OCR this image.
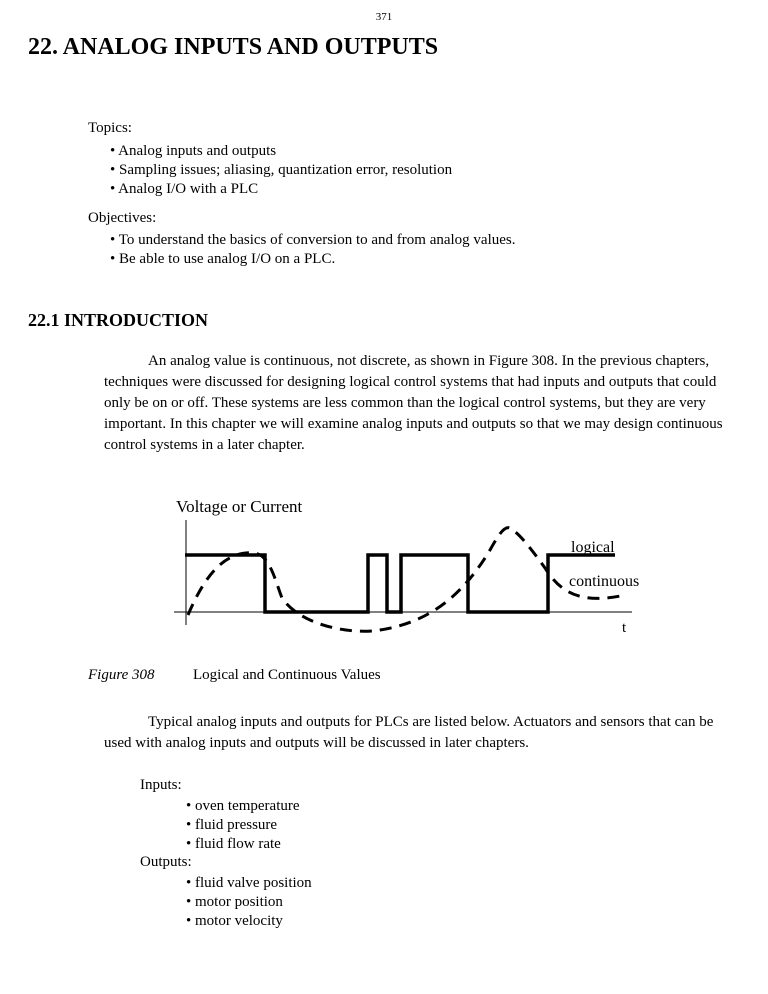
371
22. ANALOG INPUTS AND OUTPUTS
Topics:
• Analog inputs and outputs
• Sampling issues; aliasing, quantization error, resolution
• Analog I/O with a PLC
Objectives:
• To understand the basics of conversion to and from analog values.
• Be able to use analog I/O on a PLC.
22.1 INTRODUCTION
An analog value is continuous, not discrete, as shown in Figure 308. In the previous chapters,
techniques were discussed for designing logical control systems that had inputs and outputs that could
only be on or off. These systems are less common than the logical control systems, but they are very
important. In this chapter we will examine analog inputs and outputs so that we may design continuous
control systems in a later chapter.
Voltage or Current
t
logical
continuous
Figure 308	Logical and Continuous Values
Typical analog inputs and outputs for PLCs are listed below. Actuators and sensors that can be
used with analog inputs and outputs will be discussed in later chapters.
Inputs:
• oven temperature
• fluid pressure
• fluid flow rate
Outputs:
• fluid valve position
• motor position
• motor velocity
